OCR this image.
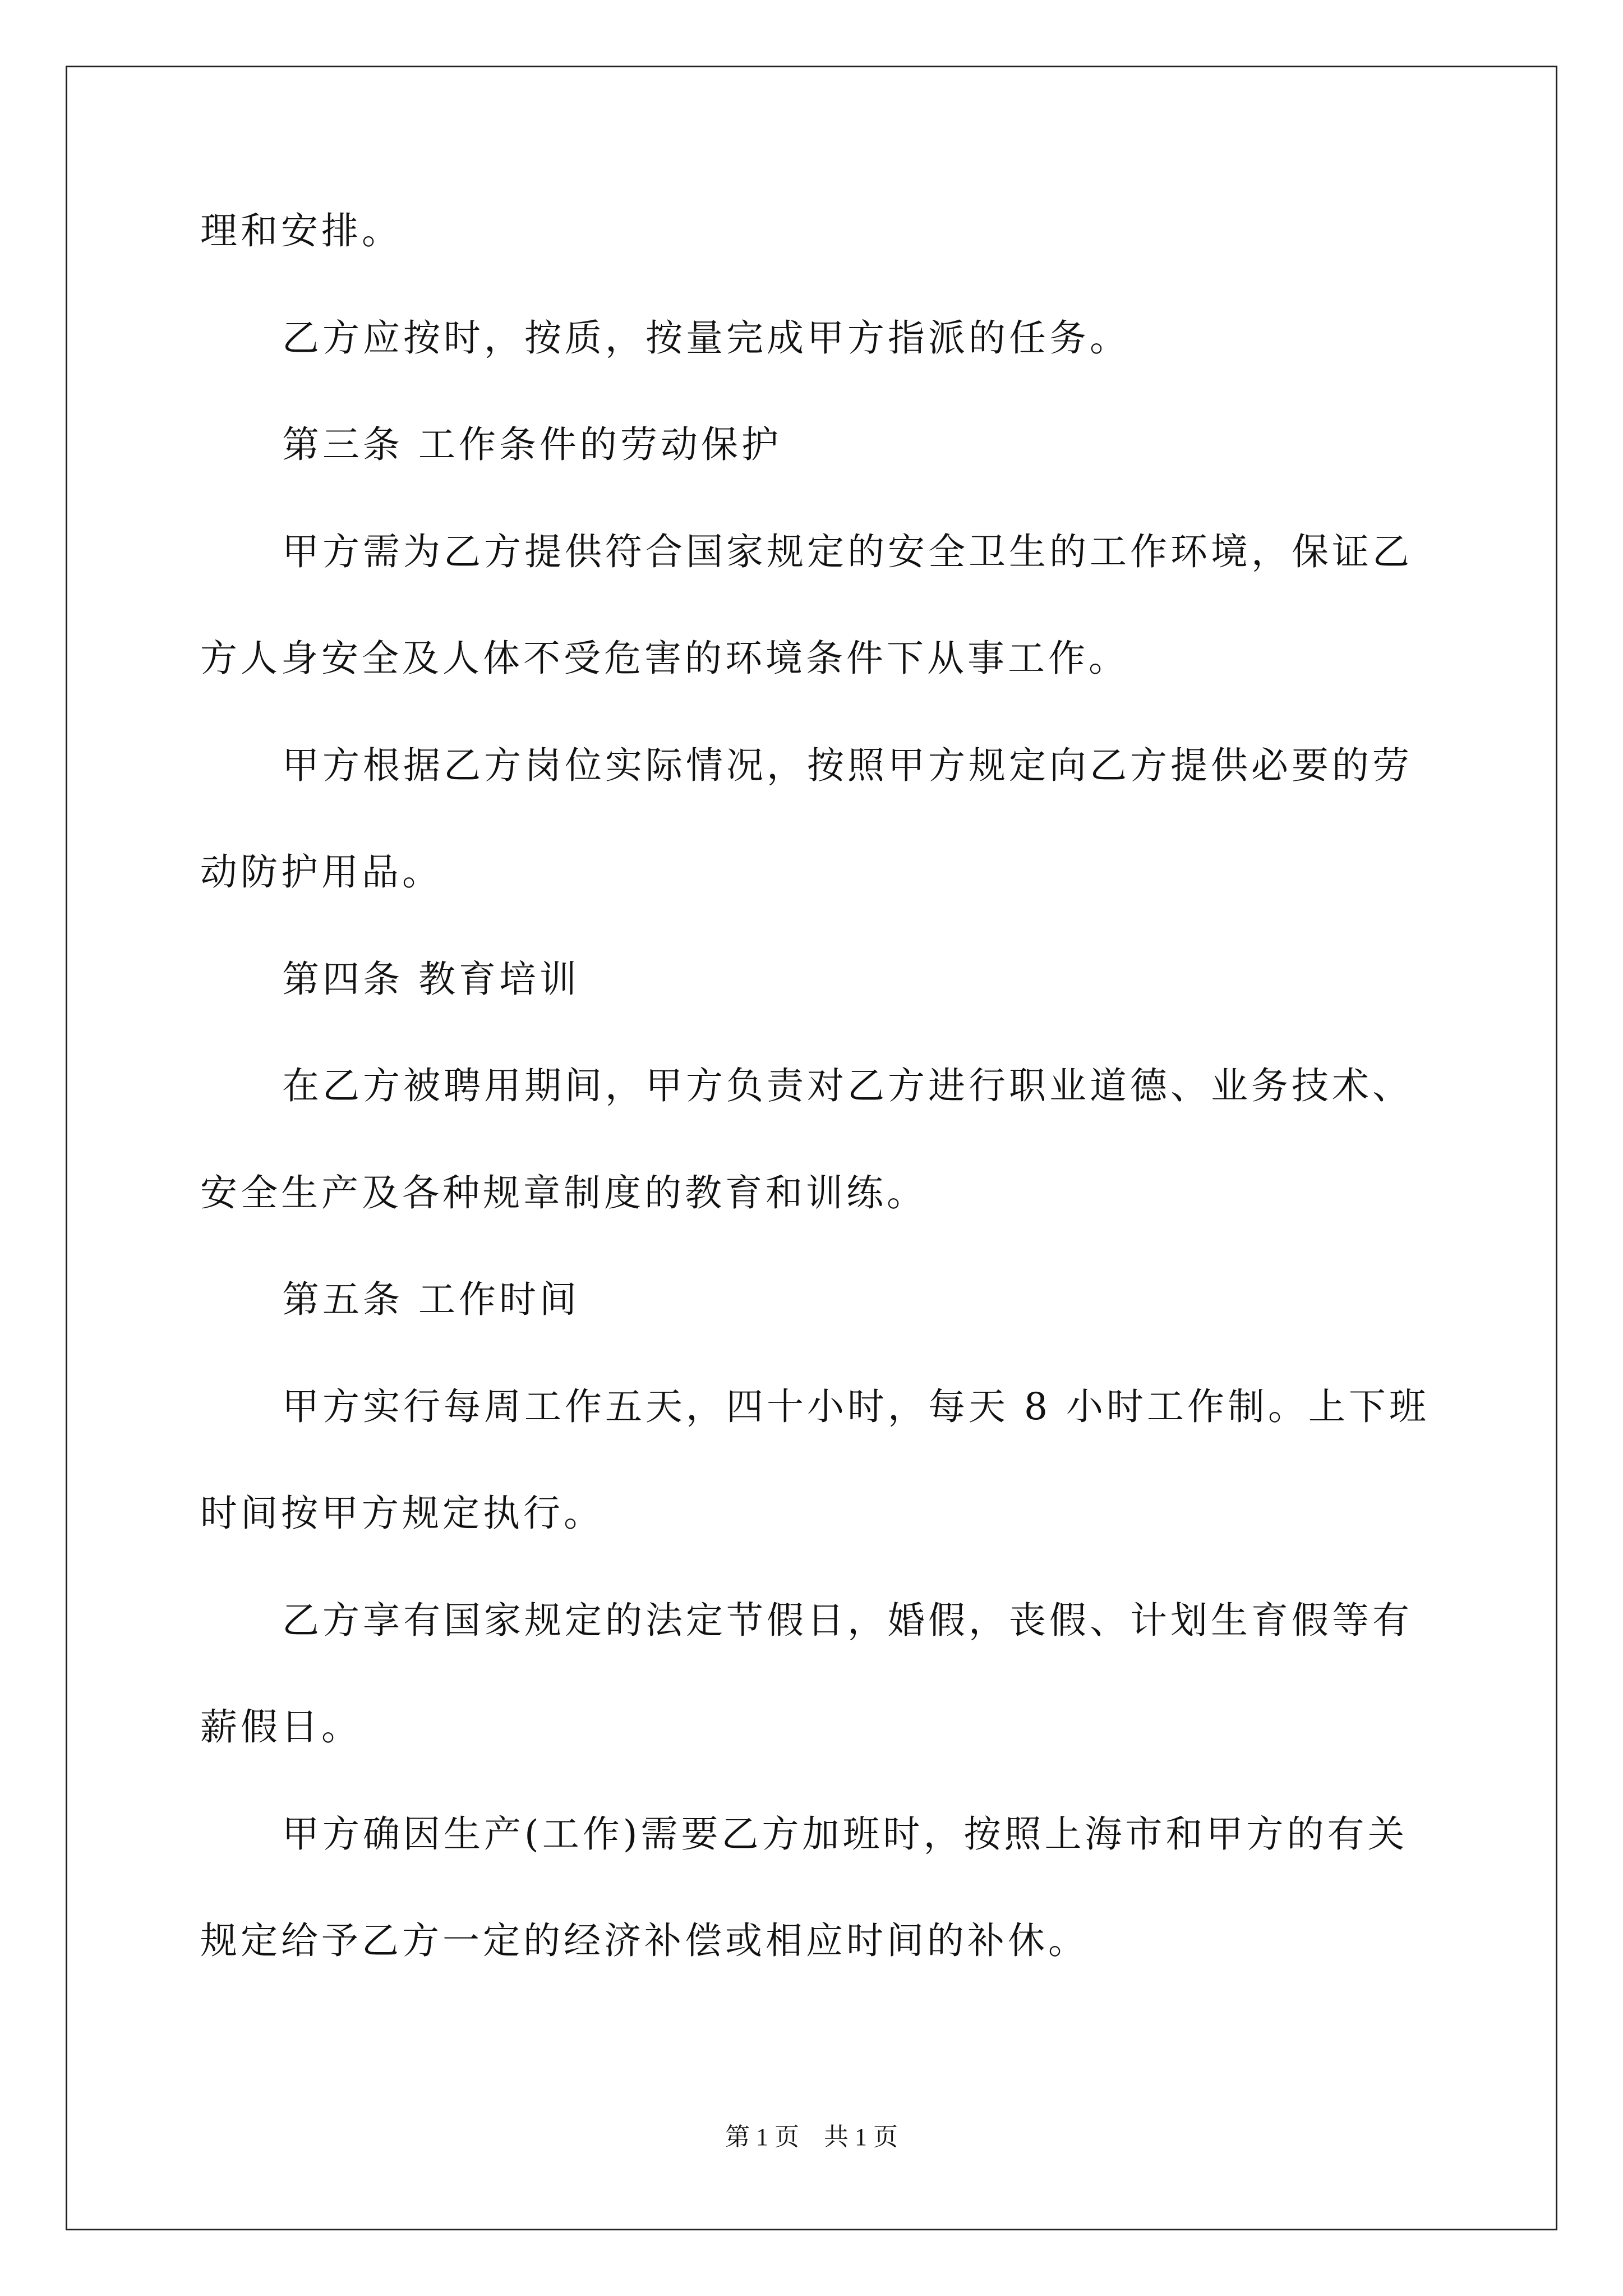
理和安排。
乙方应按时，按质，按量完成甲方指派的任务。
第三条 工作条件的劳动保护
甲方需为乙方提供符合国家规定的安全卫生的工作环境，保证乙
方人身安全及人体不受危害的环境条件下从事工作。
甲方根据乙方岗位实际情况，按照甲方规定向乙方提供必要的劳
动防护用品。
第四条 教育培训
在乙方被聘用期间，甲方负责对乙方进行职业道德、业务技术、
安全生产及各种规章制度的教育和训练。
第五条 工作时间
甲方实行每周工作五天，四十小时，每天 8 小时工作制。上下班
时间按甲方规定执行。
乙方享有国家规定的法定节假日，婚假，丧假、计划生育假等有
薪假日。
甲方确因生产(工作)需要乙方加班时，按照上海市和甲方的有关
规定给予乙方一定的经济补偿或相应时间的补休。
第 1 页　共 1 页
